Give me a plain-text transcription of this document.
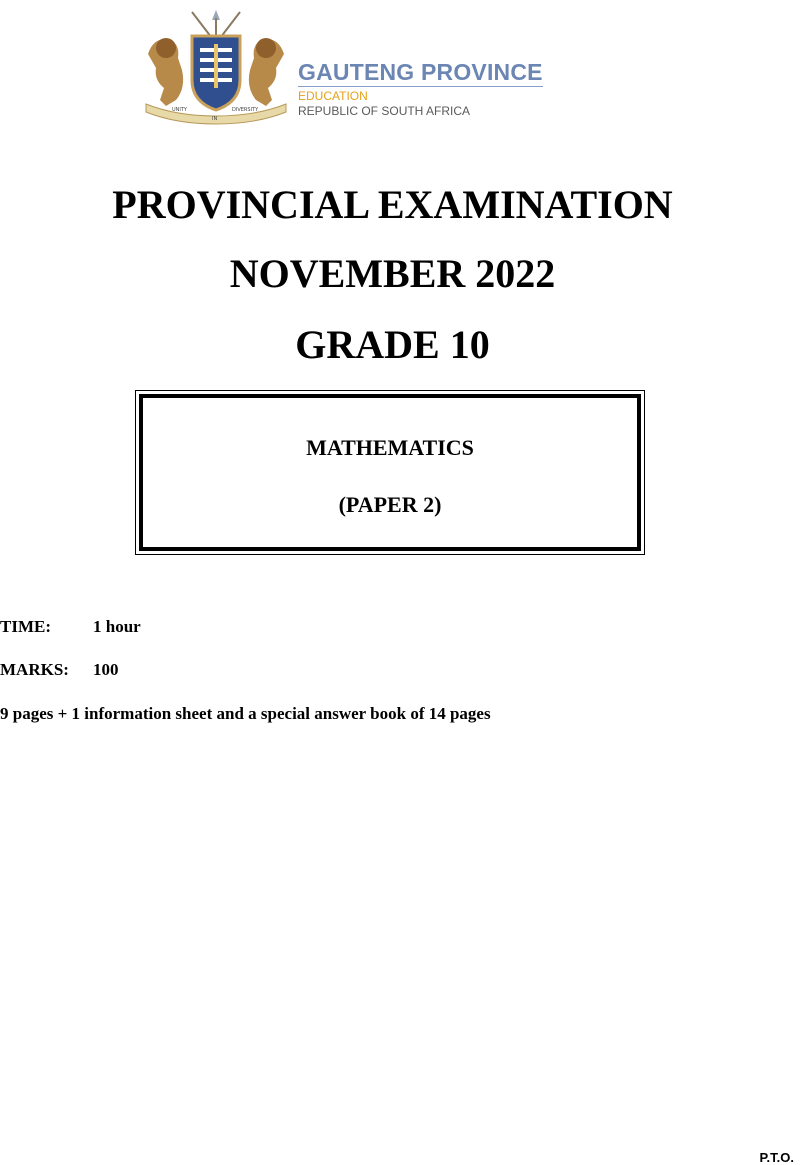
UNITY
IN
DIVERSITY
GAUTENG PROVINCE
EDUCATION
REPUBLIC OF SOUTH AFRICA
PROVINCIAL EXAMINATION
NOVEMBER 2022
GRADE 10
MATHEMATICS
(PAPER 2)
TIME: 1 hour
MARKS: 100
9 pages + 1 information sheet and a special answer book of 14 pages
P.T.O.
